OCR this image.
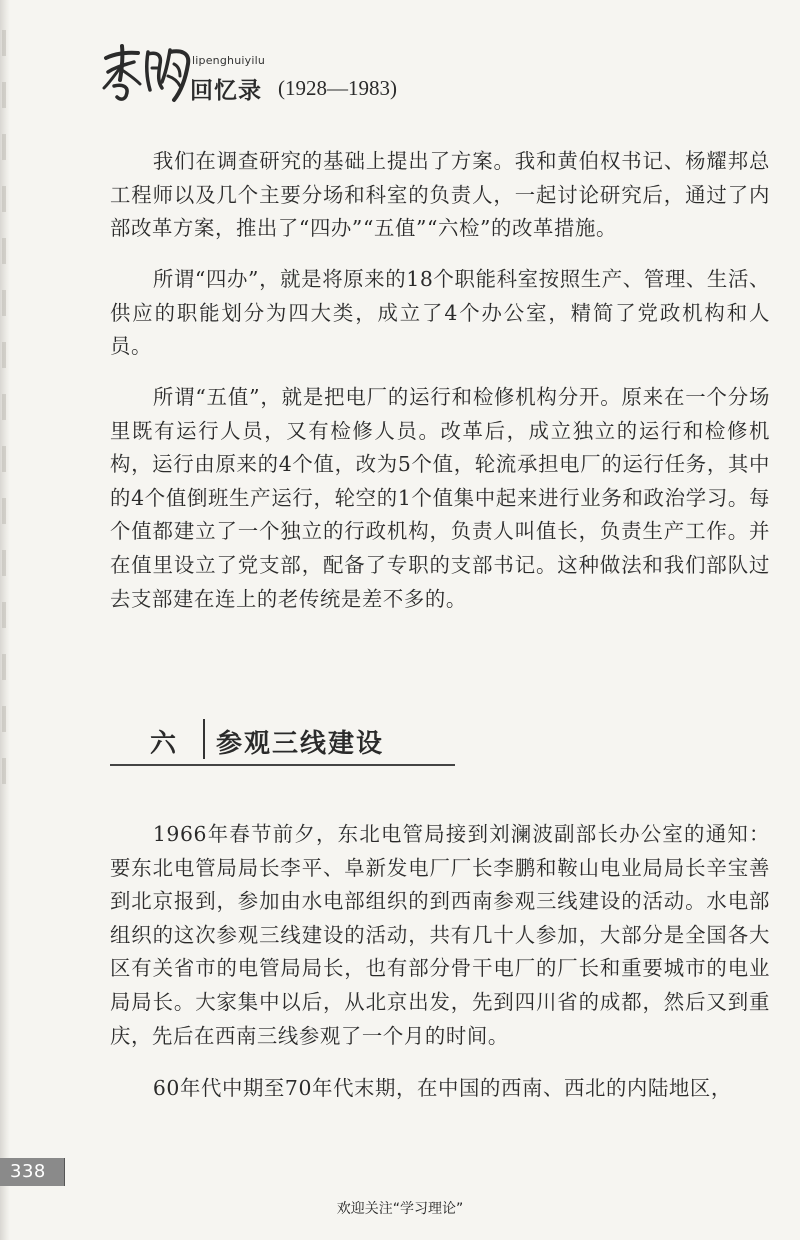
lipenghuiyilu
回忆录 (1928—1983)

我们在调查研究的基础上提出了方案。我和黄伯权书记、杨耀邦总工程师以及几个主要分场和科室的负责人，一起讨论研究后，通过了内部改革方案，推出了“四办”“五值”“六检”的改革措施。

所谓“四办”，就是将原来的18个职能科室按照生产、管理、生活、供应的职能划分为四大类，成立了4个办公室，精简了党政机构和人员。

所谓“五值”，就是把电厂的运行和检修机构分开。原来在一个分场里既有运行人员，又有检修人员。改革后，成立独立的运行和检修机构，运行由原来的4个值，改为5个值，轮流承担电厂的运行任务，其中的4个值倒班生产运行，轮空的1个值集中起来进行业务和政治学习。每个值都建立了一个独立的行政机构，负责人叫值长，负责生产工作。并在值里设立了党支部，配备了专职的支部书记。这种做法和我们部队过去支部建在连上的老传统是差不多的。

六 参观三线建设

1966年春节前夕，东北电管局接到刘澜波副部长办公室的通知：要东北电管局局长李平、阜新发电厂厂长李鹏和鞍山电业局局长辛宝善到北京报到，参加由水电部组织的到西南参观三线建设的活动。水电部组织的这次参观三线建设的活动，共有几十人参加，大部分是全国各大区有关省市的电管局局长，也有部分骨干电厂的厂长和重要城市的电业局局长。大家集中以后，从北京出发，先到四川省的成都，然后又到重庆，先后在西南三线参观了一个月的时间。

60年代中期至70年代末期，在中国的西南、西北的内陆地区，

338
欢迎关注“学习理论”
